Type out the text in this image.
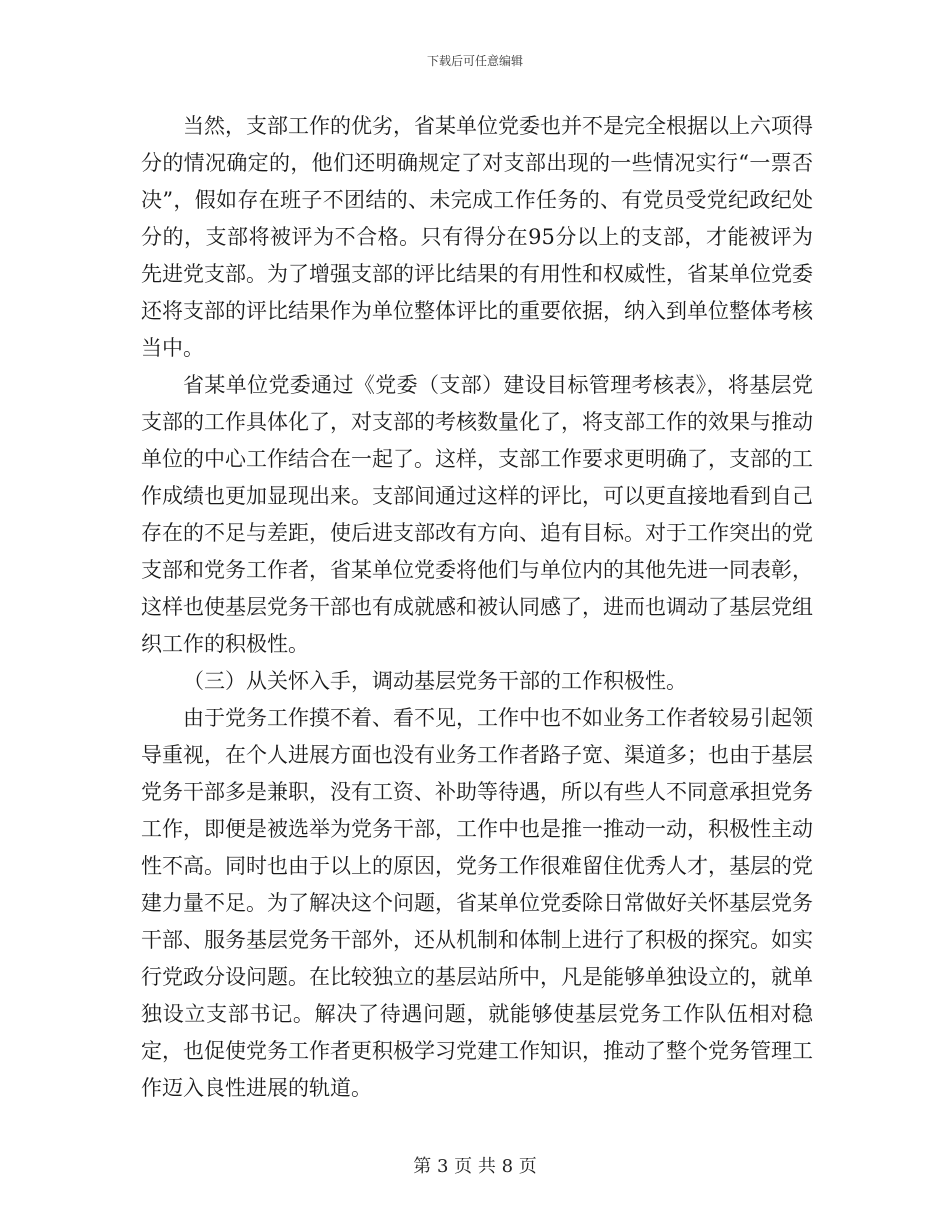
下载后可任意编辑

当然，支部工作的优劣，省某单位党委也并不是完全根据以上六项得分的情况确定的，他们还明确规定了对支部出现的一些情况实行“一票否决”，假如存在班子不团结的、未完成工作任务的、有党员受党纪政纪处分的，支部将被评为不合格。只有得分在95分以上的支部，才能被评为先进党支部。为了增强支部的评比结果的有用性和权威性，省某单位党委还将支部的评比结果作为单位整体评比的重要依据，纳入到单位整体考核当中。

省某单位党委通过《党委（支部）建设目标管理考核表》，将基层党支部的工作具体化了，对支部的考核数量化了，将支部工作的效果与推动单位的中心工作结合在一起了。这样，支部工作要求更明确了，支部的工作成绩也更加显现出来。支部间通过这样的评比，可以更直接地看到自己存在的不足与差距，使后进支部改有方向、追有目标。对于工作突出的党支部和党务工作者，省某单位党委将他们与单位内的其他先进一同表彰，这样也使基层党务干部也有成就感和被认同感了，进而也调动了基层党组织工作的积极性。

（三）从关怀入手，调动基层党务干部的工作积极性。

由于党务工作摸不着、看不见，工作中也不如业务工作者较易引起领导重视，在个人进展方面也没有业务工作者路子宽、渠道多；也由于基层党务干部多是兼职，没有工资、补助等待遇，所以有些人不同意承担党务工作，即便是被选举为党务干部，工作中也是推一推动一动，积极性主动性不高。同时也由于以上的原因，党务工作很难留住优秀人才，基层的党建力量不足。为了解决这个问题，省某单位党委除日常做好关怀基层党务干部、服务基层党务干部外，还从机制和体制上进行了积极的探究。如实行党政分设问题。在比较独立的基层站所中，凡是能够单独设立的，就单独设立支部书记。解决了待遇问题，就能够使基层党务工作队伍相对稳定，也促使党务工作者更积极学习党建工作知识，推动了整个党务管理工作迈入良性进展的轨道。

第 3 页 共 8 页
